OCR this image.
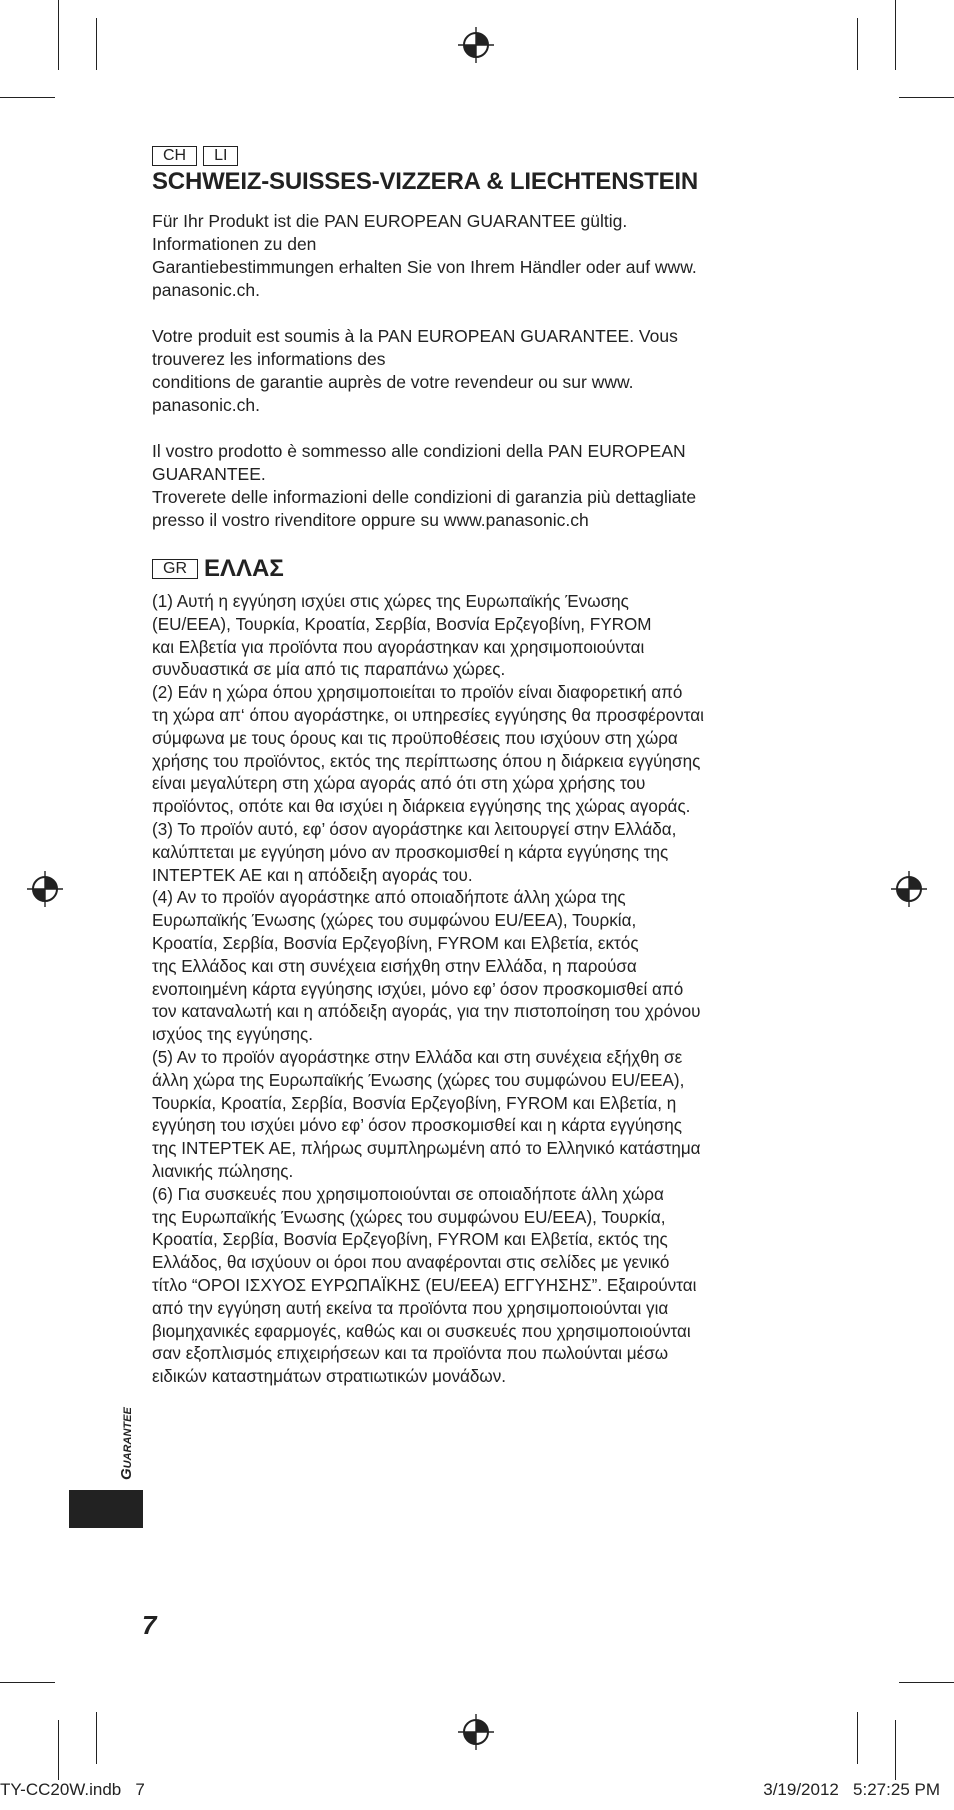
CH	LI
SCHWEIZ-SUISSES-VIZZERA & LIECHTENSTEIN
Für Ihr Produkt ist die PAN EUROPEAN GUARANTEE gültig.
Informationen zu den
Garantiebestimmungen erhalten Sie von Ihrem Händler oder auf www.
panasonic.ch.
Votre produit est soumis à la PAN EUROPEAN GUARANTEE. Vous
trouverez les informations des
conditions de garantie auprès de votre revendeur ou sur www.
panasonic.ch.
Il vostro prodotto è sommesso alle condizioni della PAN EUROPEAN
GUARANTEE.
Troverete delle informazioni delle condizioni di garanzia più dettagliate
presso il vostro rivenditore oppure su www.panasonic.ch
GR ΕΛΛΑΣ
(1) Αυτή η εγγύηση ισχύει στις χώρες της Ευρωπαϊκής Ένωσης
(EU/EEA), Τουρκία, Κροατία, Σερβία, Βοσνία Ερζεγοβίνη, FYROM
και Ελβετία για προϊόντα που αγοράστηκαν και χρησιμοποιούνται
συνδυαστικά σε μία από τις παραπάνω χώρες.
(2) Εάν η χώρα όπου χρησιμοποιείται το προϊόν είναι διαφορετική από
τη χώρα απ‘ όπου αγοράστηκε, οι υπηρεσίες εγγύησης θα προσφέρονται
σύμφωνα με τους όρους και τις προϋποθέσεις που ισχύουν στη χώρα
χρήσης του προϊόντος, εκτός της περίπτωσης όπου η διάρκεια εγγύησης
είναι μεγαλύτερη στη χώρα αγοράς από ότι στη χώρα χρήσης του
προϊόντος, οπότε και θα ισχύει η διάρκεια εγγύησης της χώρας αγοράς.
(3) Το προϊόν αυτό, εφ’ όσον αγοράστηκε και λειτουργεί στην Ελλάδα,
καλύπτεται με εγγύηση μόνο αν προσκομισθεί η κάρτα εγγύησης της
INTEPTEK AE και η απόδειξη αγοράς του.
(4) Αν το προϊόν αγοράστηκε από οποιαδήποτε άλλη χώρα της
Ευρωπαϊκής Ένωσης (χώρες του συμφώνου EU/EEA), Τουρκία,
Κροατία, Σερβία, Βοσνία Ερζεγοβίνη, FYROM και Ελβετία, εκτός
της Ελλάδος και στη συνέχεια εισήχθη στην Ελλάδα, η παρούσα
ενοποιημένη κάρτα εγγύησης ισχύει, μόνο εφ’ όσον προσκομισθεί από
τον καταναλωτή και η απόδειξη αγοράς, για την πιστοποίηση του χρόνου
ισχύος της εγγύησης.
(5) Αν το προϊόν αγοράστηκε στην Ελλάδα και στη συνέχεια εξήχθη σε
άλλη χώρα της Ευρωπαϊκής Ένωσης (χώρες του συμφώνου EU/EEA),
Τουρκία, Κροατία, Σερβία, Βοσνία Ερζεγοβίνη, FYROM και Ελβετία, η
εγγύηση του ισχύει μόνο εφ’ όσον προσκομισθεί και η κάρτα εγγύησης
της INTEPTEK AE, πλήρως συμπληρωμένη από το Ελληνικό κατάστημα
λιανικής πώλησης.
(6) Για συσκευές που χρησιμοποιούνται σε οποιαδήποτε άλλη χώρα
της Ευρωπαϊκής Ένωσης (χώρες του συμφώνου EU/EEA), Τουρκία,
Κροατία, Σερβία, Βοσνία Ερζεγοβίνη, FYROM και Ελβετία, εκτός της
Ελλάδος, θα ισχύουν οι όροι που αναφέρονται στις σελίδες με γενικό
τίτλο “ΟΡΟΙ ΙΣΧΥΟΣ ΕΥΡΩΠΑΪΚΗΣ (EU/EEA) ΕΓΓΥΗΣΗΣ”. Εξαιρούνται
από την εγγύηση αυτή εκείνα τα προϊόντα που χρησιμοποιούνται για
βιομηχανικές εφαρμογές, καθώς και οι συσκευές που χρησιμοποιούνται
σαν εξοπλισμός επιχειρήσεων και τα προϊόντα που πωλούνται μέσω
ειδικών καταστημάτων στρατιωτικών μονάδων.
Guarantee
7
TY-CC20W.indb   7	3/19/2012   5:27:25 PM
